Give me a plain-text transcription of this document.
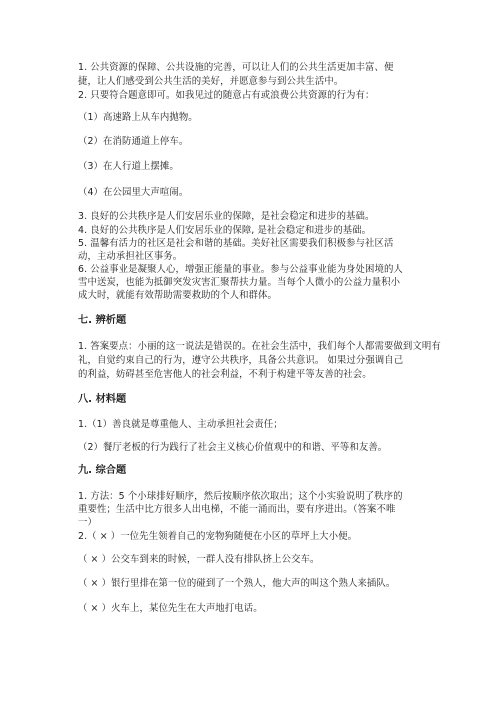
1. 公共资源的保障、公共设施的完善，可以让人们的公共生活更加丰富、便
捷，让人们感受到公共生活的美好，并愿意参与到公共生活中。
2. 只要符合题意即可。如我见过的随意占有或浪费公共资源的行为有：
（1）高速路上从车内抛物。
（2）在消防通道上停车。
（3）在人行道上摆摊。
（4）在公园里大声喧闹。
3. 良好的公共秩序是人们安居乐业的保障，是社会稳定和进步的基础。
4. 良好的公共秩序是人们安居乐业的保障, 是社会稳定和进步的基础。
5. 温馨有活力的社区是社会和谐的基础。美好社区需要我们积极参与社区活
动，主动承担社区事务。
6. 公益事业是凝聚人心，增强正能量的事业。参与公益事业能为身处困境的人
雪中送炭，也能为抵御突发灾害汇聚帮扶力量。当每个人微小的公益力量积小
成大时，就能有效帮助需要救助的个人和群体。
七. 辨析题
1. 答案要点：小丽的这一说法是错误的。在社会生活中，我们每个人都需要做到文明有
礼，自觉约束自己的行为，遵守公共秩序，具备公共意识。 如果过分强调自己
的利益，妨碍甚至危害他人的社会利益，不利于构建平等友善的社会。
八. 材料题
1.（1）善良就是尊重他人、主动承担社会责任；
（2）餐厅老板的行为践行了社会主义核心价值观中的和谐、平等和友善。
九. 综合题
1. 方法：5 个小球排好顺序，然后按顺序依次取出；这个小实验说明了秩序的
重要性；生活中比方很多人出电梯，不能一涌而出，要有序进出。（答案不唯
一）
2.（ × ）一位先生领着自己的宠物狗随便在小区的草坪上大小便。
（ × ）公交车到来的时候，一群人没有排队挤上公交车。
（ × ）银行里排在第一位的碰到了一个熟人，他大声的叫这个熟人来插队。
（ × ）火车上，某位先生在大声地打电话。
